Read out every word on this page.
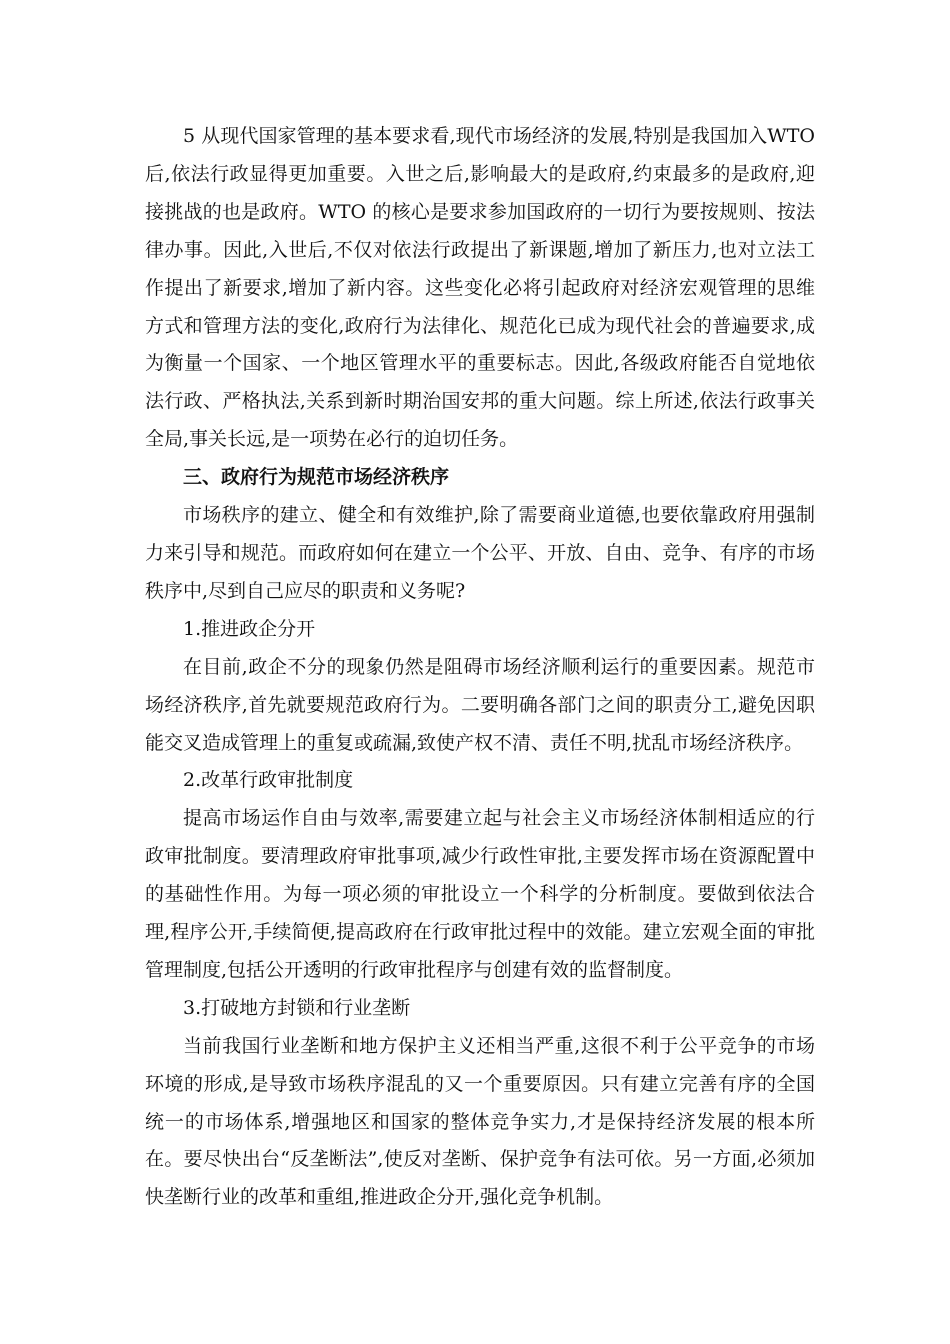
5 从现代国家管理的基本要求看,现代市场经济的发展,特别是我国加入WTO 后,依法行政显得更加重要。入世之后,影响最大的是政府,约束最多的是政府,迎接挑战的也是政府。WTO 的核心是要求参加国政府的一切行为要按规则、按法律办事。因此,入世后,不仅对依法行政提出了新课题,增加了新压力,也对立法工作提出了新要求,增加了新内容。这些变化必将引起政府对经济宏观管理的思维方式和管理方法的变化,政府行为法律化、规范化已成为现代社会的普遍要求,成为衡量一个国家、一个地区管理水平的重要标志。因此,各级政府能否自觉地依法行政、严格执法,关系到新时期治国安邦的重大问题。综上所述,依法行政事关全局,事关长远,是一项势在必行的迫切任务。

三、政府行为规范市场经济秩序

市场秩序的建立、健全和有效维护,除了需要商业道德,也要依靠政府用强制力来引导和规范。而政府如何在建立一个公平、开放、自由、竞争、有序的市场秩序中,尽到自己应尽的职责和义务呢?

1.推进政企分开

在目前,政企不分的现象仍然是阻碍市场经济顺利运行的重要因素。规范市场经济秩序,首先就要规范政府行为。二要明确各部门之间的职责分工,避免因职能交叉造成管理上的重复或疏漏,致使产权不清、责任不明,扰乱市场经济秩序。

2.改革行政审批制度

提高市场运作自由与效率,需要建立起与社会主义市场经济体制相适应的行政审批制度。要清理政府审批事项,减少行政性审批,主要发挥市场在资源配置中的基础性作用。为每一项必须的审批设立一个科学的分析制度。要做到依法合理,程序公开,手续简便,提高政府在行政审批过程中的效能。建立宏观全面的审批管理制度,包括公开透明的行政审批程序与创建有效的监督制度。

3.打破地方封锁和行业垄断

当前我国行业垄断和地方保护主义还相当严重,这很不利于公平竞争的市场环境的形成,是导致市场秩序混乱的又一个重要原因。只有建立完善有序的全国统一的市场体系,增强地区和国家的整体竞争实力,才是保持经济发展的根本所在。要尽快出台“反垄断法”,使反对垄断、保护竞争有法可依。另一方面,必须加快垄断行业的改革和重组,推进政企分开,强化竞争机制。
